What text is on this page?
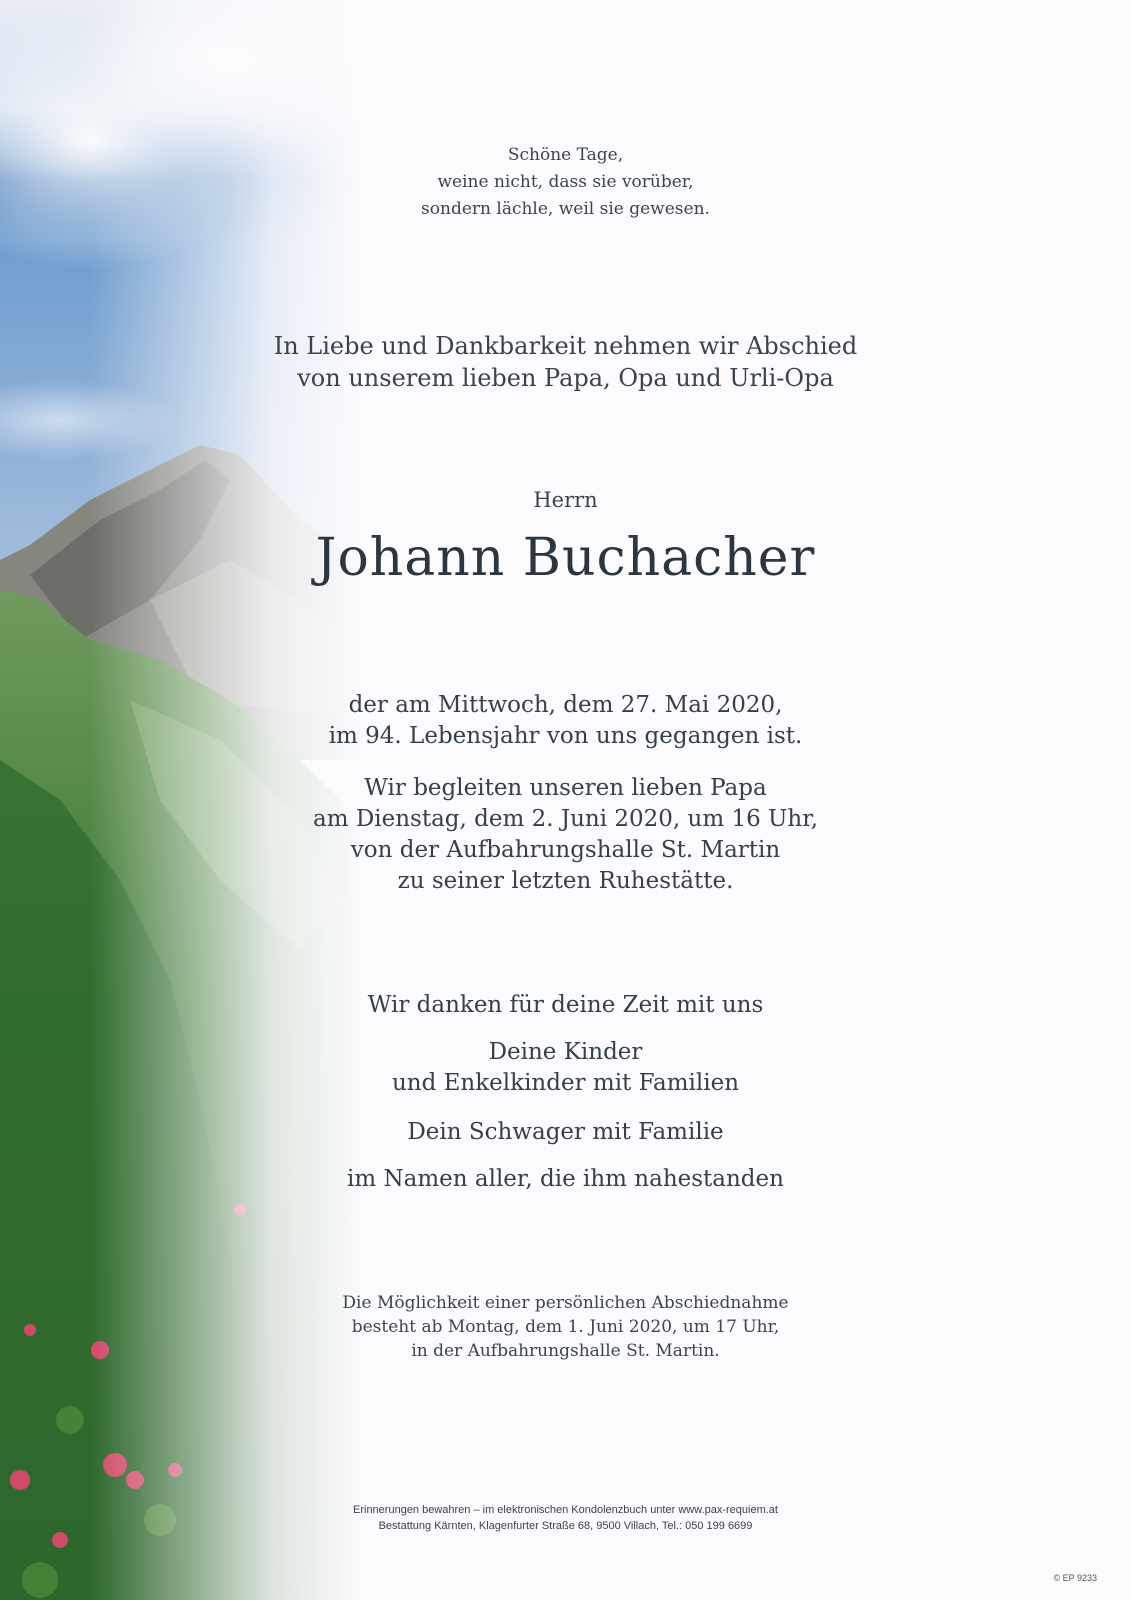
Schöne Tage,
weine nicht, dass sie vorüber,
sondern lächle, weil sie gewesen.
In Liebe und Dankbarkeit nehmen wir Abschied
von unserem lieben Papa, Opa und Urli-Opa
Herrn
Johann Buchacher
der am Mittwoch, dem 27. Mai 2020,
im 94. Lebensjahr von uns gegangen ist.
Wir begleiten unseren lieben Papa
am Dienstag, dem 2. Juni 2020, um 16 Uhr,
von der Aufbahrungshalle St. Martin
zu seiner letzten Ruhestätte.
Wir danken für deine Zeit mit uns
Deine Kinder
und Enkelkinder mit Familien
Dein Schwager mit Familie
im Namen aller, die ihm nahestanden
Die Möglichkeit einer persönlichen Abschiednahme
besteht ab Montag, dem 1. Juni 2020, um 17 Uhr,
in der Aufbahrungshalle St. Martin.
Erinnerungen bewahren – im elektronischen Kondolenzbuch unter www.pax-requiem.at
Bestattung Kärnten, Klagenfurter Straße 68, 9500 Villach, Tel.: 050 199 6699
© EP 9233
